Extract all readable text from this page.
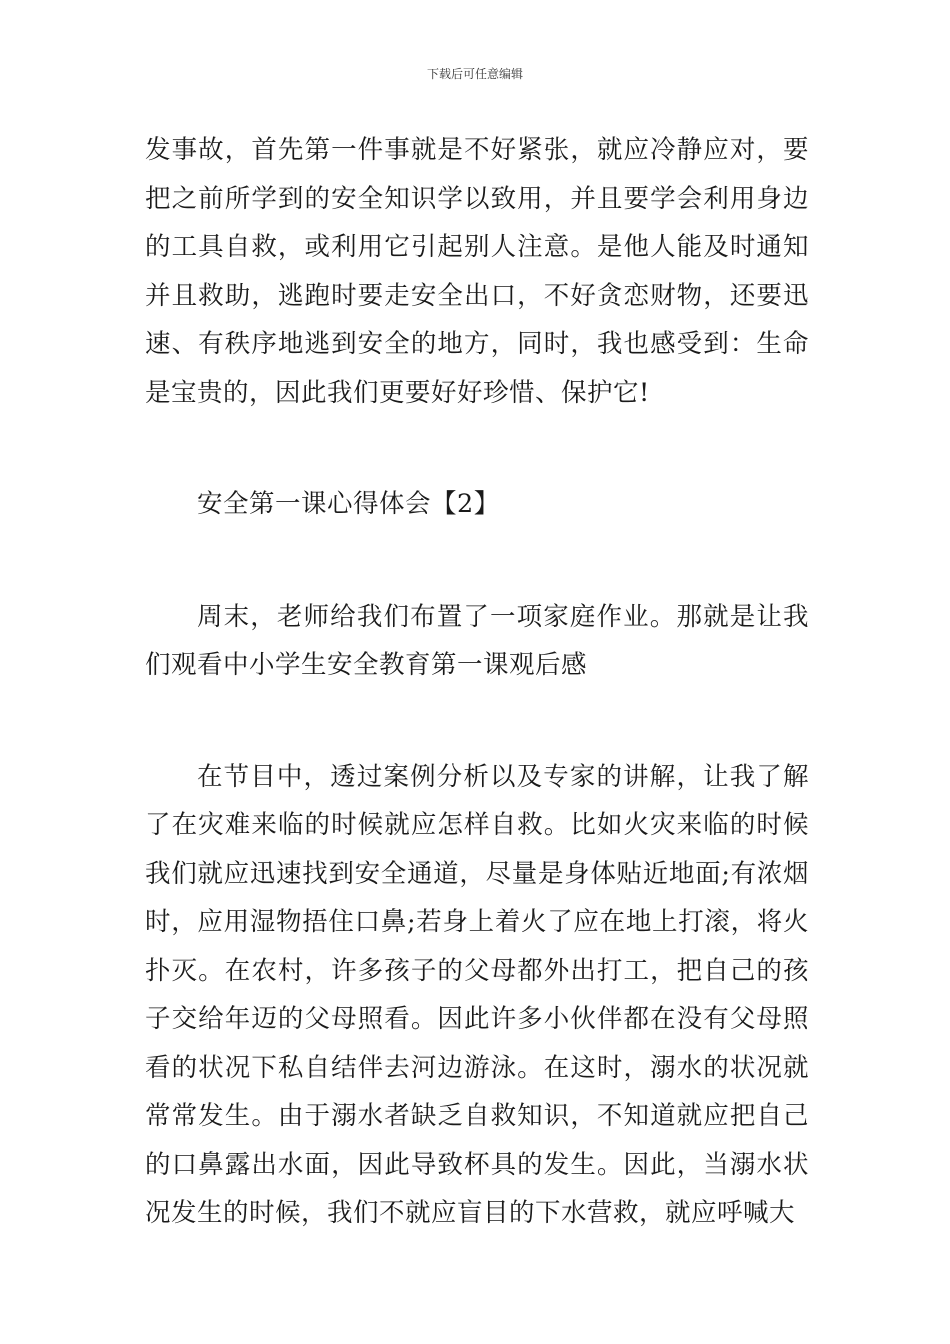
下载后可任意编辑

发事故，首先第一件事就是不好紧张，就应冷静应对，要把之前所学到的安全知识学以致用，并且要学会利用身边的工具自救，或利用它引起别人注意。是他人能及时通知并且救助，逃跑时要走安全出口，不好贪恋财物，还要迅速、有秩序地逃到安全的地方，同时，我也感受到：生命是宝贵的，因此我们更要好好珍惜、保护它!

安全第一课心得体会【2】

周末，老师给我们布置了一项家庭作业。那就是让我们观看中小学生安全教育第一课观后感

在节目中，透过案例分析以及专家的讲解，让我了解了在灾难来临的时候就应怎样自救。比如火灾来临的时候我们就应迅速找到安全通道，尽量是身体贴近地面;有浓烟时，应用湿物捂住口鼻;若身上着火了应在地上打滚，将火扑灭。在农村，许多孩子的父母都外出打工，把自己的孩子交给年迈的父母照看。因此许多小伙伴都在没有父母照看的状况下私自结伴去河边游泳。在这时，溺水的状况就常常发生。由于溺水者缺乏自救知识，不知道就应把自己的口鼻露出水面，因此导致杯具的发生。因此，当溺水状况发生的时候，我们不就应盲目的下水营救，就应呼喊大
